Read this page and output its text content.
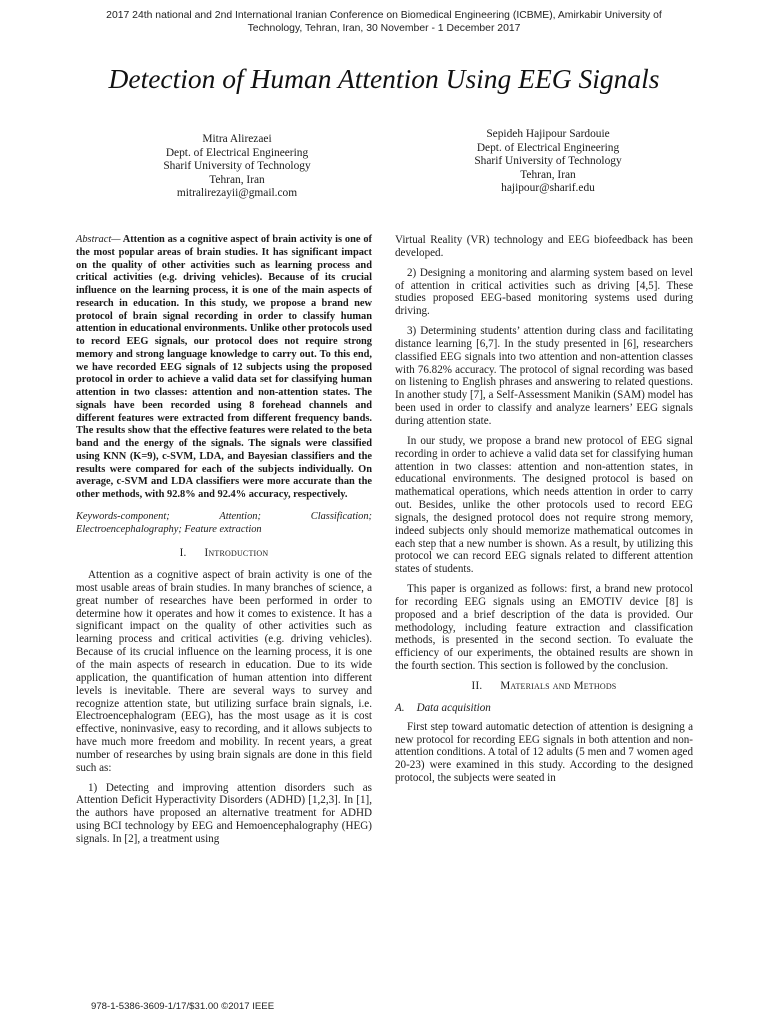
2017 24th national and 2nd International Iranian Conference on Biomedical Engineering (ICBME), Amirkabir University of Technology, Tehran, Iran, 30 November - 1 December 2017
Detection of Human Attention Using EEG Signals
Mitra Alirezaei
Dept. of Electrical Engineering
Sharif University of Technology
Tehran, Iran
mitralirezayii@gmail.com
Sepideh Hajipour Sardouie
Dept. of Electrical Engineering
Sharif University of Technology
Tehran, Iran
hajipour@sharif.edu

Abstract— Attention as a cognitive aspect of brain activity is one of the most popular areas of brain studies. It has significant impact on the quality of other activities such as learning process and critical activities (e.g. driving vehicles). Because of its crucial influence on the learning process, it is one of the main aspects of research in education. In this study, we propose a brand new protocol of brain signal recording in order to classify human attention in educational environments. Unlike other protocols used to record EEG signals, our protocol does not require strong memory and strong language knowledge to carry out. To this end, we have recorded EEG signals of 12 subjects using the proposed protocol in order to achieve a valid data set for classifying human attention in two classes: attention and non-attention states. The signals have been recorded using 8 forehead channels and different features were extracted from different frequency bands. The results show that the effective features were related to the beta band and the energy of the signals. The signals were classified using KNN (K=9), c-SVM, LDA, and Bayesian classifiers and the results were compared for each of the subjects individually. On average, c-SVM and LDA classifiers were more accurate than the other methods, with 92.8% and 92.4% accuracy, respectively.

Keywords-component; Attention; Classification; Electroencephalography; Feature extraction

I. Introduction

Attention as a cognitive aspect of brain activity is one of the most usable areas of brain studies. In many branches of science, a great number of researches have been performed in order to determine how it operates and how it comes to existence. It has a significant impact on the quality of other activities such as learning process and critical activities (e.g. driving vehicles). Because of its crucial influence on the learning process, it is one of the main aspects of research in education. Due to its wide application, the quantification of human attention into different levels is inevitable. There are several ways to survey and recognize attention state, but utilizing surface brain signals, i.e. Electroencephalogram (EEG), has the most usage as it is cost effective, noninvasive, easy to recording, and it allows subjects to have much more freedom and mobility. In recent years, a great number of researches by using brain signals are done in this field such as:

1) Detecting and improving attention disorders such as Attention Deficit Hyperactivity Disorders (ADHD) [1,2,3]. In [1], the authors have proposed an alternative treatment for ADHD using BCI technology by EEG and Hemoencephalography (HEG) signals. In [2], a treatment using

Virtual Reality (VR) technology and EEG biofeedback has been developed.

2) Designing a monitoring and alarming system based on level of attention in critical activities such as driving [4,5]. These studies proposed EEG-based monitoring systems used during driving.

3) Determining students’ attention during class and facilitating distance learning [6,7]. In the study presented in [6], researchers classified EEG signals into two attention and non-attention classes with 76.82% accuracy. The protocol of signal recording was based on listening to English phrases and answering to related questions. In another study [7], a Self-Assessment Manikin (SAM) model has been used in order to classify and analyze learners’ EEG signals during attention state.

In our study, we propose a brand new protocol of EEG signal recording in order to achieve a valid data set for classifying human attention in two classes: attention and non-attention states, in educational environments. The designed protocol is based on mathematical operations, which needs attention in order to carry out. Besides, unlike the other protocols used to record EEG signals, the designed protocol does not require strong memory, indeed subjects only should memorize mathematical outcomes in each step that a new number is shown. As a result, by utilizing this protocol we can record EEG signals related to different attention states of students.

This paper is organized as follows: first, a brand new protocol for recording EEG signals using an EMOTIV device [8] is proposed and a brief description of the data is provided. Our methodology, including feature extraction and classification methods, is presented in the second section. To evaluate the efficiency of our experiments, the obtained results are shown in the fourth section. This section is followed by the conclusion.

II. Materials and Methods
A. Data acquisition

First step toward automatic detection of attention is designing a new protocol for recording EEG signals in both attention and non-attention conditions. A total of 12 adults (5 men and 7 women aged 20-23) were examined in this study. According to the designed protocol, the subjects were seated in

978-1-5386-3609-1/17/$31.00 ©2017 IEEE
